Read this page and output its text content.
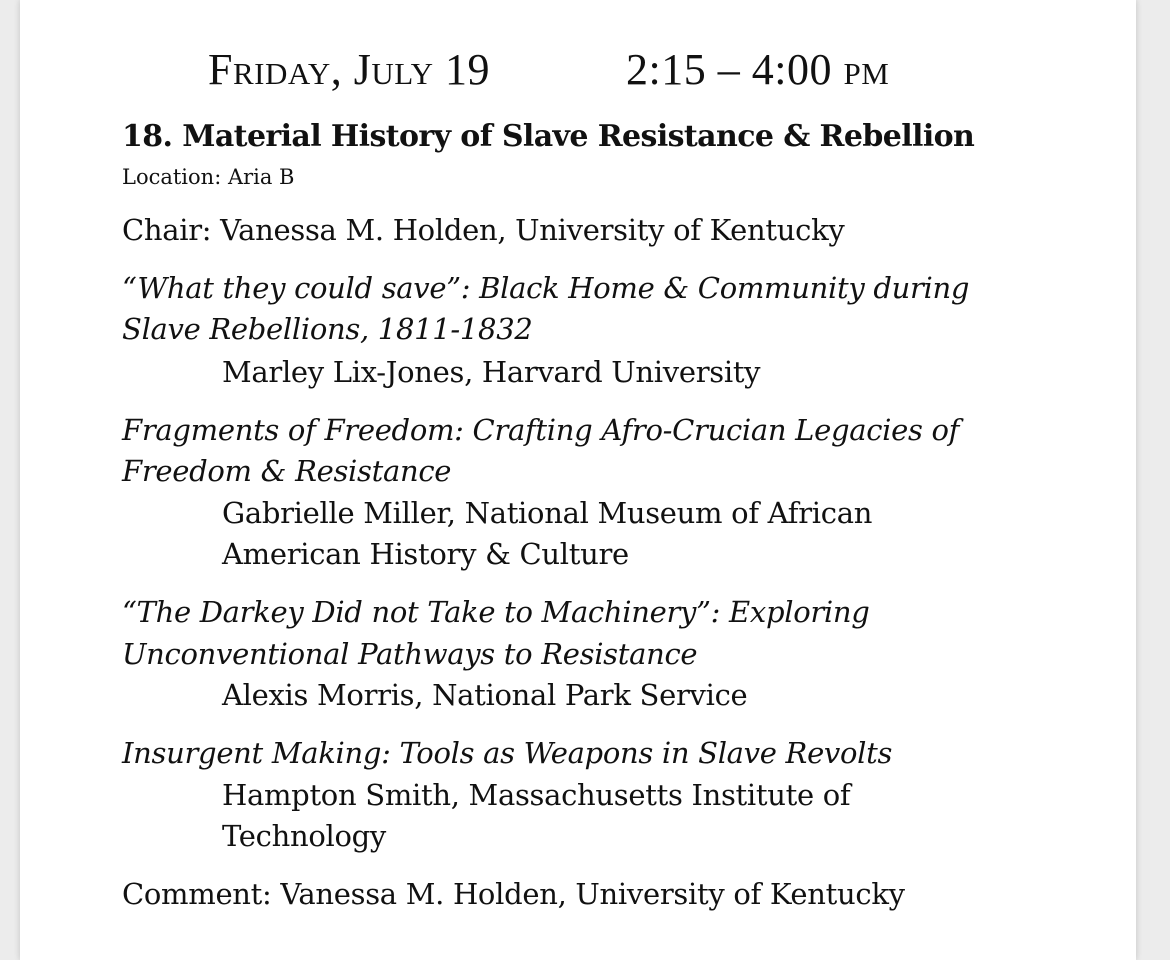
Friday, July 19	2:15 – 4:00 pm
18. Material History of Slave Resistance & Rebellion
Location: Aria B
Chair: Vanessa M. Holden, University of Kentucky
“What they could save”: Black Home & Community during
Slave Rebellions, 1811-1832
Marley Lix-Jones, Harvard University
Fragments of Freedom: Crafting Afro-Crucian Legacies of
Freedom & Resistance
Gabrielle Miller, National Museum of African
American History & Culture
“The Darkey Did not Take to Machinery”: Exploring
Unconventional Pathways to Resistance
Alexis Morris, National Park Service
Insurgent Making: Tools as Weapons in Slave Revolts
Hampton Smith, Massachusetts Institute of
Technology
Comment: Vanessa M. Holden, University of Kentucky
